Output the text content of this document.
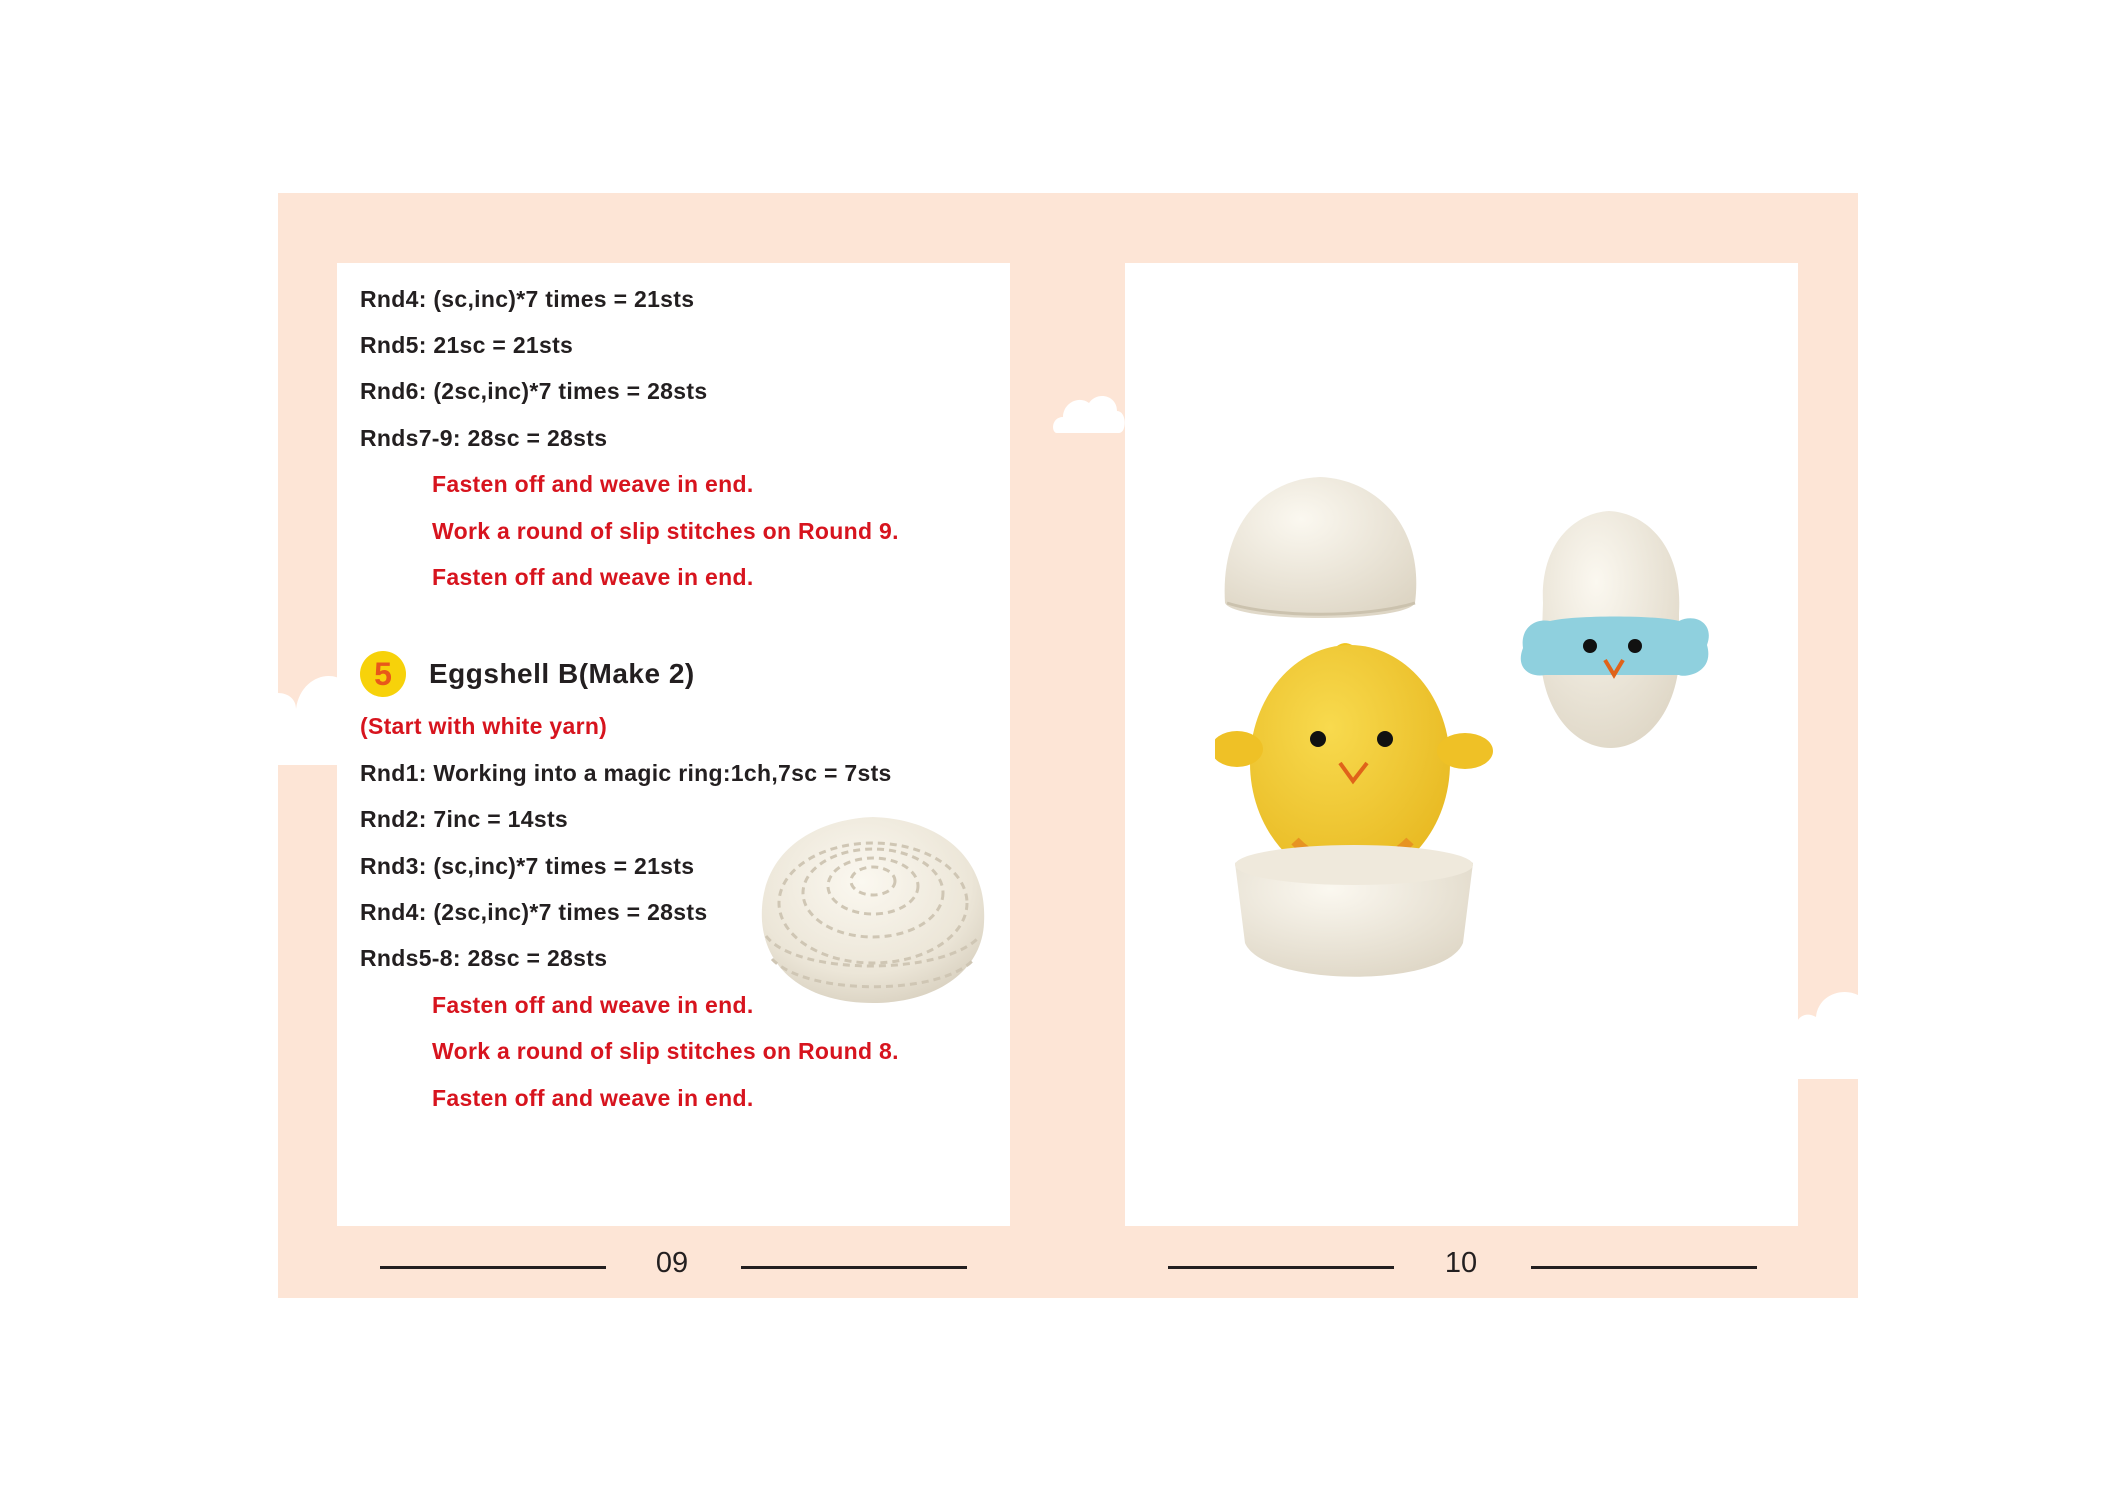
Rnd4: (sc,inc)*7 times = 21sts
Rnd5: 21sc = 21sts
Rnd6: (2sc,inc)*7 times = 28sts
Rnds7-9: 28sc = 28sts
Fasten off and weave in end.
Work a round of slip stitches on Round 9.
Fasten off and weave in end.
5	Eggshell B(Make 2)
(Start with white yarn)
Rnd1: Working into a magic ring:1ch,7sc = 7sts
Rnd2: 7inc = 14sts
Rnd3: (sc,inc)*7 times = 21sts
Rnd4: (2sc,inc)*7 times = 28sts
Rnds5-8: 28sc = 28sts
Fasten off and weave in end.
Work a round of slip stitches on Round 8.
Fasten off and weave in end.
09	10
